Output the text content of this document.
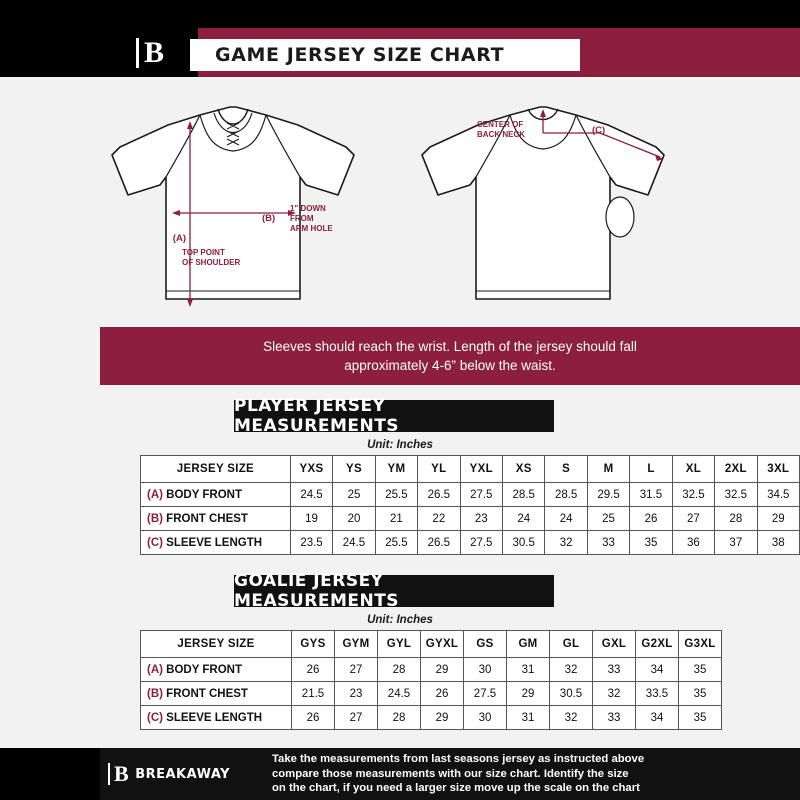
B	GAME JERSEY SIZE CHART
(A)
(B)
TOP POINT
OF SHOULDER
1" DOWN
FROM
ARM HOLE
CENTER OF
BACK NECK	(C)
Sleeves should reach the wrist. Length of the jersey should fall
approximately 4-6” below the waist.
PLAYER JERSEY MEASUREMENTS
Unit: Inches
JERSEY SIZE	YXS	YS	YM	YL	YXL	XS	S	M	L	XL	2XL	3XL
(A) BODY FRONT	24.5	25	25.5	26.5	27.5	28.5	28.5	29.5	31.5	32.5	32.5	34.5
(B) FRONT CHEST	19	20	21	22	23	24	24	25	26	27	28	29
(C) SLEEVE LENGTH	23.5	24.5	25.5	26.5	27.5	30.5	32	33	35	36	37	38
GOALIE JERSEY MEASUREMENTS
Unit: Inches
JERSEY SIZE	GYS	GYM	GYL	GYXL	GS	GM	GL	GXL	G2XL	G3XL
(A) BODY FRONT	26	27	28	29	30	31	32	33	34	35
(B) FRONT CHEST	21.5	23	24.5	26	27.5	29	30.5	32	33.5	35
(C) SLEEVE LENGTH	26	27	28	29	30	31	32	33	34	35
B BREAKAWAY
Take the measurements from last seasons jersey as instructed above
compare those measurements with our size chart. Identify the size
on the chart, if you need a larger size move up the scale on the chart
